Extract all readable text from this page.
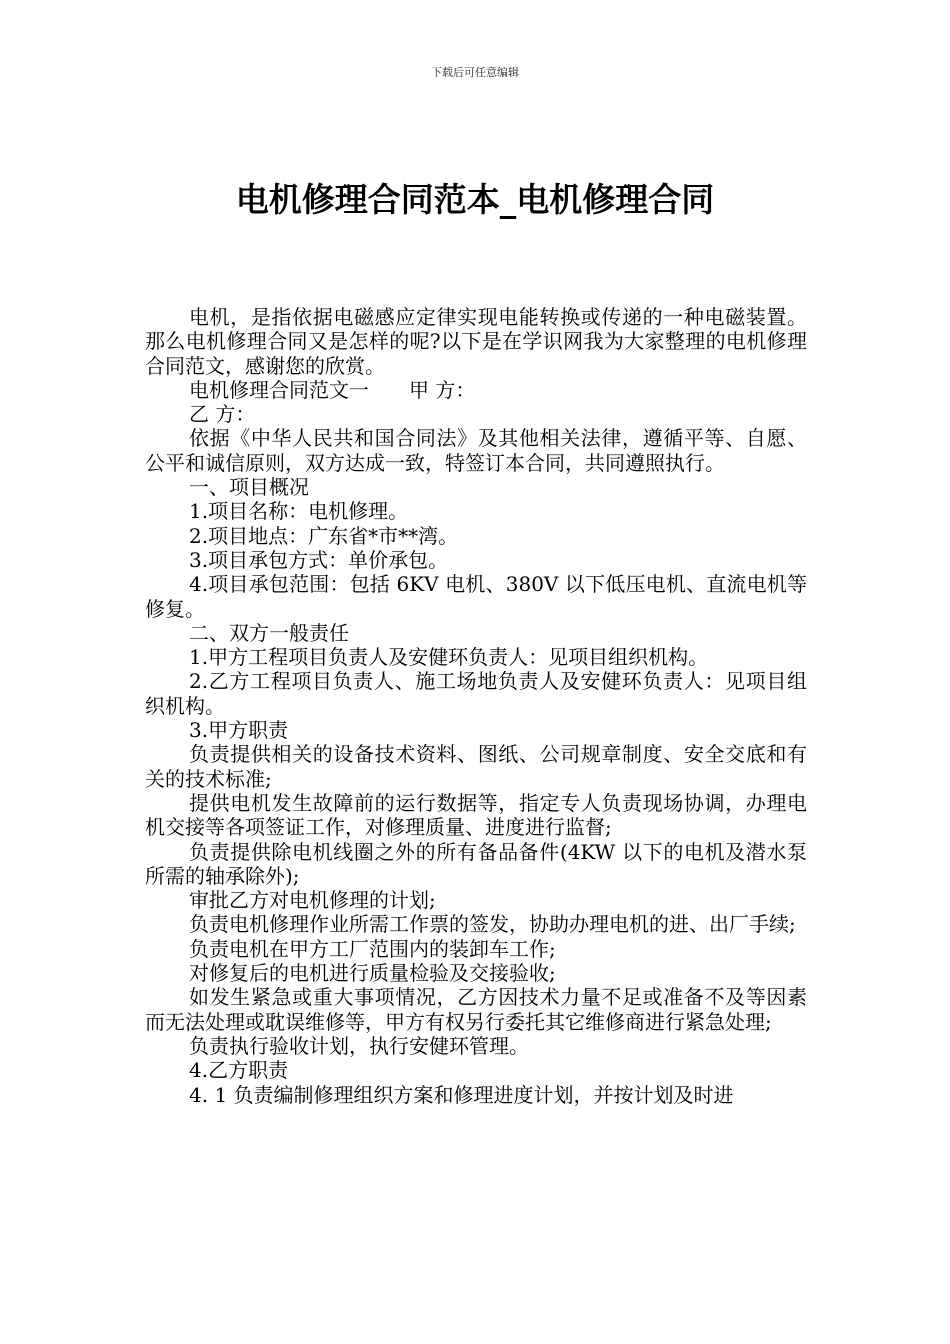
下载后可任意编辑
电机修理合同范本_电机修理合同

电机，是指依据电磁感应定律实现电能转换或传递的一种电磁装置。那么电机修理合同又是怎样的呢?以下是在学识网我为大家整理的电机修理合同范文，感谢您的欣赏。

电机修理合同范文一　　甲 方：

乙 方：

依据《中华人民共和国合同法》及其他相关法律，遵循平等、自愿、公平和诚信原则，双方达成一致，特签订本合同，共同遵照执行。

一、项目概况

1.项目名称：电机修理。

2.项目地点：广东省*市**湾。

3.项目承包方式：单价承包。

4.项目承包范围：包括 6KV 电机、380V 以下低压电机、直流电机等修复。

二、双方一般责任

1.甲方工程项目负责人及安健环负责人：见项目组织机构。

2.乙方工程项目负责人、施工场地负责人及安健环负责人：见项目组织机构。

3.甲方职责

负责提供相关的设备技术资料、图纸、公司规章制度、安全交底和有关的技术标准;

提供电机发生故障前的运行数据等，指定专人负责现场协调，办理电机交接等各项签证工作，对修理质量、进度进行监督;

负责提供除电机线圈之外的所有备品备件(4KW 以下的电机及潜水泵所需的轴承除外);

审批乙方对电机修理的计划;

负责电机修理作业所需工作票的签发，协助办理电机的进、出厂手续;

负责电机在甲方工厂范围内的装卸车工作;

对修复后的电机进行质量检验及交接验收;

如发生紧急或重大事项情况，乙方因技术力量不足或准备不及等因素而无法处理或耽误维修等，甲方有权另行委托其它维修商进行紧急处理;

负责执行验收计划，执行安健环管理。

4.乙方职责

4. 1 负责编制修理组织方案和修理进度计划，并按计划及时进
